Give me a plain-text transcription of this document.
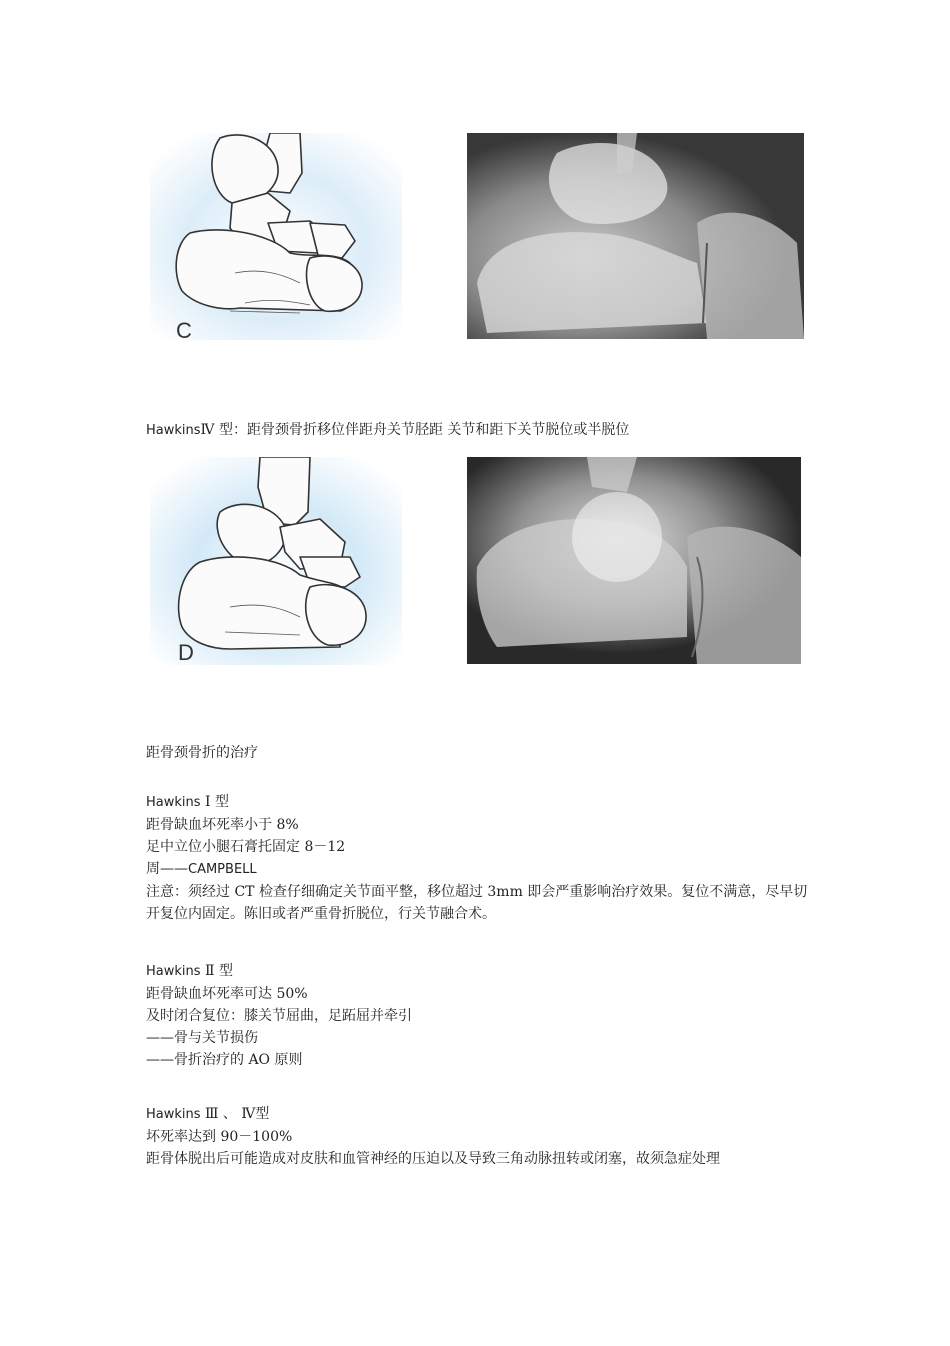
C
HawkinsⅣ 型：距骨颈骨折移位伴距舟关节胫距 关节和距下关节脱位或半脱位
D
距骨颈骨折的治疗
Hawkins Ⅰ 型
距骨缺血坏死率小于 8%
足中立位小腿石膏托固定 8－12
周——CAMPBELL
注意：须经过 CT 检查仔细确定关节面平整，移位超过 3mm 即会严重影响治疗效果。复位不满意，尽早切开复位内固定。陈旧或者严重骨折脱位，行关节融合术。
Hawkins Ⅱ 型
距骨缺血坏死率可达 50%
及时闭合复位：膝关节屈曲，足跖屈并牵引
——骨与关节损伤
——骨折治疗的 AO 原则
Hawkins Ⅲ 、 Ⅳ型
坏死率达到 90－100%
距骨体脱出后可能造成对皮肤和血管神经的压迫以及导致三角动脉扭转或闭塞，故须急症处理
